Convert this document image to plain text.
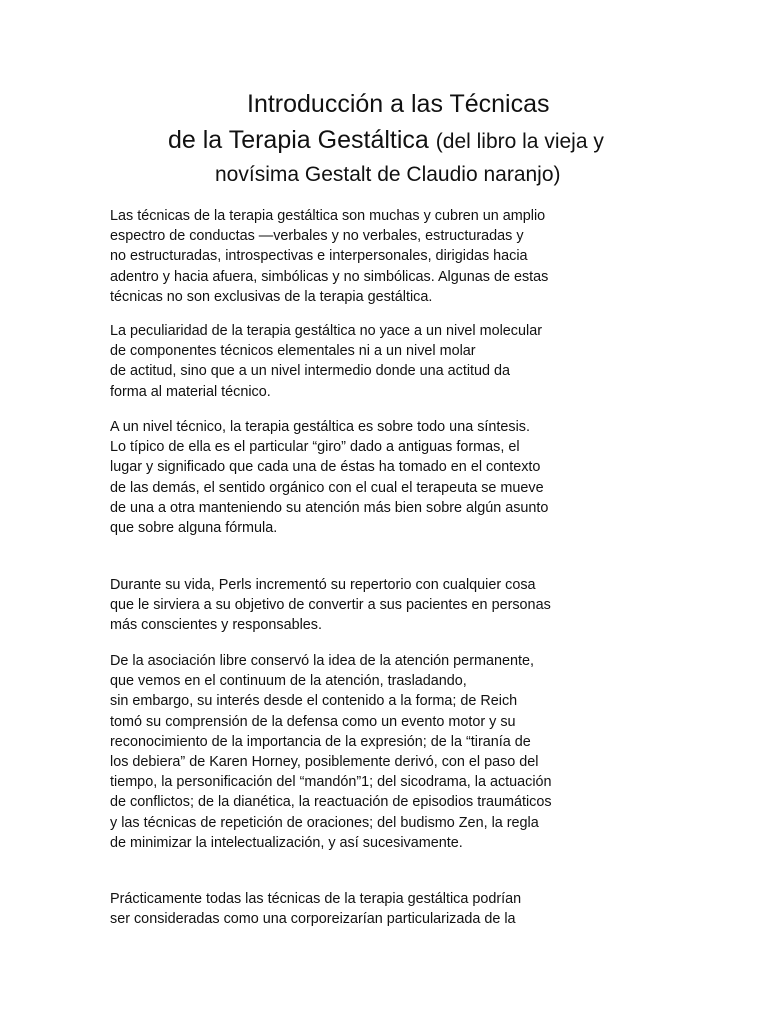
Introducción a las Técnicas
de la Terapia Gestáltica (del libro la vieja y
novísima Gestalt de Claudio naranjo)
Las técnicas de la terapia gestáltica son muchas y cubren un amplio
espectro de conductas —verbales y no verbales, estructuradas y
no estructuradas, introspectivas e interpersonales, dirigidas hacia
adentro y hacia afuera, simbólicas y no simbólicas. Algunas de estas
técnicas no son exclusivas de la terapia gestáltica.
La peculiaridad de la terapia gestáltica no yace a un nivel molecular
de componentes técnicos elementales ni a un nivel molar
de actitud, sino que a un nivel intermedio donde una actitud da
forma al material técnico.
A un nivel técnico, la terapia gestáltica es sobre todo una síntesis.
Lo típico de ella es el particular “giro” dado a antiguas formas, el
lugar y significado que cada una de éstas ha tomado en el contexto
de las demás, el sentido orgánico con el cual el terapeuta se mueve
de una a otra manteniendo su atención más bien sobre algún asunto
que sobre alguna fórmula.
Durante su vida, Perls incrementó su repertorio con cualquier cosa
que le sirviera a su objetivo de convertir a sus pacientes en personas
más conscientes y responsables.
De la asociación libre conservó la idea de la atención permanente,
que vemos en el continuum de la atención, trasladando,
sin embargo, su interés desde el contenido a la forma; de Reich
tomó su comprensión de la defensa como un evento motor y su
reconocimiento de la importancia de la expresión; de la “tiranía de
los debiera” de Karen Horney, posiblemente derivó, con el paso del
tiempo, la personificación del “mandón”1; del sicodrama, la actuación
de conflictos; de la dianética, la reactuación de episodios traumáticos
y las técnicas de repetición de oraciones; del budismo Zen, la regla
de minimizar la intelectualización, y así sucesivamente.
Prácticamente todas las técnicas de la terapia gestáltica podrían
ser consideradas como una corporeizarían particularizada de la
